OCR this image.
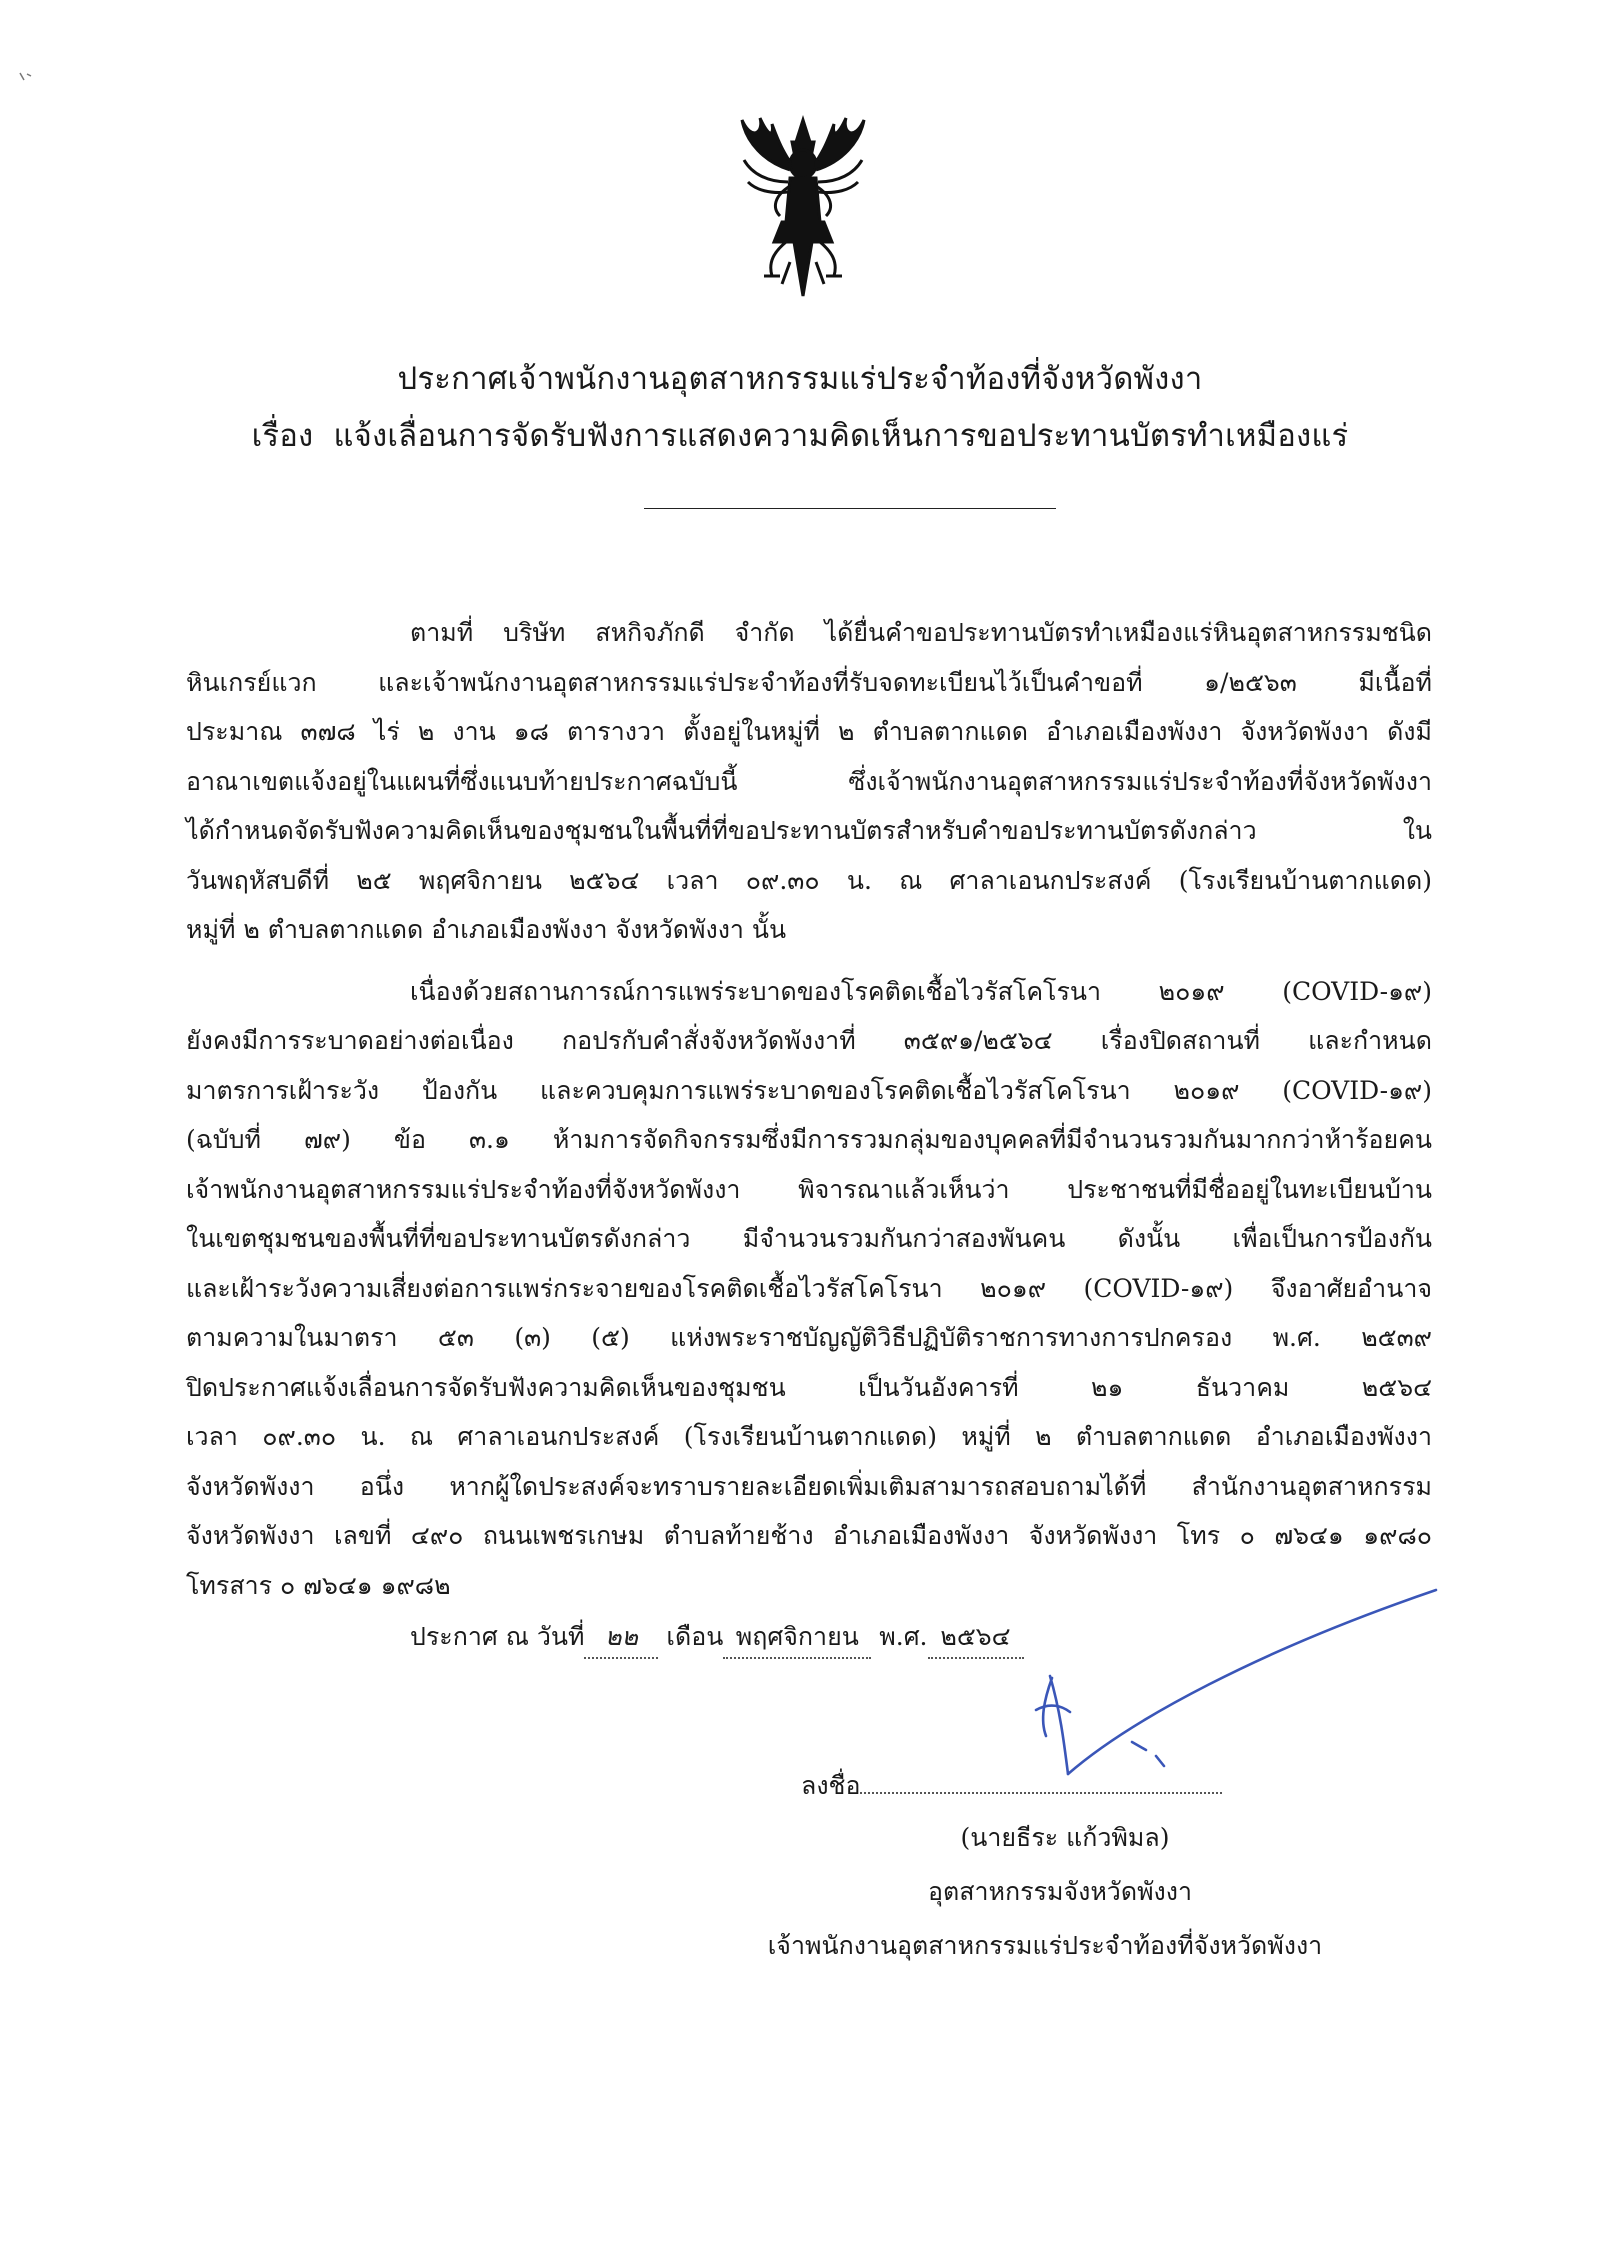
ประกาศเจ้าพนักงานอุตสาหกรรมแร่ประจำท้องที่จังหวัดพังงา
เรื่อง แจ้งเลื่อนการจัดรับฟังการแสดงความคิดเห็นการขอประทานบัตรทำเหมืองแร่
ตามที่ บริษัท สหกิจภักดี จำกัด ได้ยื่นคำขอประทานบัตรทำเหมืองแร่หินอุตสาหกรรมชนิด
หินเกรย์แวก และเจ้าพนักงานอุตสาหกรรมแร่ประจำท้องที่รับจดทะเบียนไว้เป็นคำขอที่ ๑/๒๕๖๓ มีเนื้อที่
ประมาณ ๓๗๘ ไร่ ๒ งาน ๑๘ ตารางวา ตั้งอยู่ในหมู่ที่ ๒ ตำบลตากแดด อำเภอเมืองพังงา จังหวัดพังงา ดังมี
อาณาเขตแจ้งอยู่ในแผนที่ซึ่งแนบท้ายประกาศฉบับนี้ ซึ่งเจ้าพนักงานอุตสาหกรรมแร่ประจำท้องที่จังหวัดพังงา
ได้กำหนดจัดรับฟังความคิดเห็นของชุมชนในพื้นที่ที่ขอประทานบัตรสำหรับคำขอประทานบัตรดังกล่าว ใน
วันพฤหัสบดีที่ ๒๕ พฤศจิกายน ๒๕๖๔ เวลา ๐๙.๓๐ น. ณ ศาลาเอนกประสงค์ (โรงเรียนบ้านตากแดด)
หมู่ที่ ๒ ตำบลตากแดด อำเภอเมืองพังงา จังหวัดพังงา นั้น
เนื่องด้วยสถานการณ์การแพร่ระบาดของโรคติดเชื้อไวรัสโคโรนา ๒๐๑๙ (COVID-๑๙)
ยังคงมีการระบาดอย่างต่อเนื่อง กอปรกับคำสั่งจังหวัดพังงาที่ ๓๕๙๑/๒๕๖๔ เรื่องปิดสถานที่ และกำหนด
มาตรการเฝ้าระวัง ป้องกัน และควบคุมการแพร่ระบาดของโรคติดเชื้อไวรัสโคโรนา ๒๐๑๙ (COVID-๑๙)
(ฉบับที่ ๗๙) ข้อ ๓.๑ ห้ามการจัดกิจกรรมซึ่งมีการรวมกลุ่มของบุคคลที่มีจำนวนรวมกันมากกว่าห้าร้อยคน
เจ้าพนักงานอุตสาหกรรมแร่ประจำท้องที่จังหวัดพังงา พิจารณาแล้วเห็นว่า ประชาชนที่มีชื่ออยู่ในทะเบียนบ้าน
ในเขตชุมชนของพื้นที่ที่ขอประทานบัตรดังกล่าว มีจำนวนรวมกันกว่าสองพันคน ดังนั้น เพื่อเป็นการป้องกัน
และเฝ้าระวังความเสี่ยงต่อการแพร่กระจายของโรคติดเชื้อไวรัสโคโรนา ๒๐๑๙ (COVID-๑๙) จึงอาศัยอำนาจ
ตามความในมาตรา ๕๓ (๓) (๕) แห่งพระราชบัญญัติวิธีปฏิบัติราชการทางการปกครอง พ.ศ. ๒๕๓๙
ปิดประกาศแจ้งเลื่อนการจัดรับฟังความคิดเห็นของชุมชน เป็นวันอังคารที่ ๒๑ ธันวาคม ๒๕๖๔
เวลา ๐๙.๓๐ น. ณ ศาลาเอนกประสงค์ (โรงเรียนบ้านตากแดด) หมู่ที่ ๒ ตำบลตากแดด อำเภอเมืองพังงา
จังหวัดพังงา อนึ่ง หากผู้ใดประสงค์จะทราบรายละเอียดเพิ่มเติมสามารถสอบถามได้ที่ สำนักงานอุตสาหกรรม
จังหวัดพังงา เลขที่ ๔๙๐ ถนนเพชรเกษม ตำบลท้ายช้าง อำเภอเมืองพังงา จังหวัดพังงา โทร ๐ ๗๖๔๑ ๑๙๘๐
โทรสาร ๐ ๗๖๔๑ ๑๙๘๒
ประกาศ ณ วันที่ ๒๒ เดือน พฤศจิกายน พ.ศ. ๒๕๖๔
ลงชื่อ
(นายธีระ แก้วพิมล)
อุตสาหกรรมจังหวัดพังงา
เจ้าพนักงานอุตสาหกรรมแร่ประจำท้องที่จังหวัดพังงา
